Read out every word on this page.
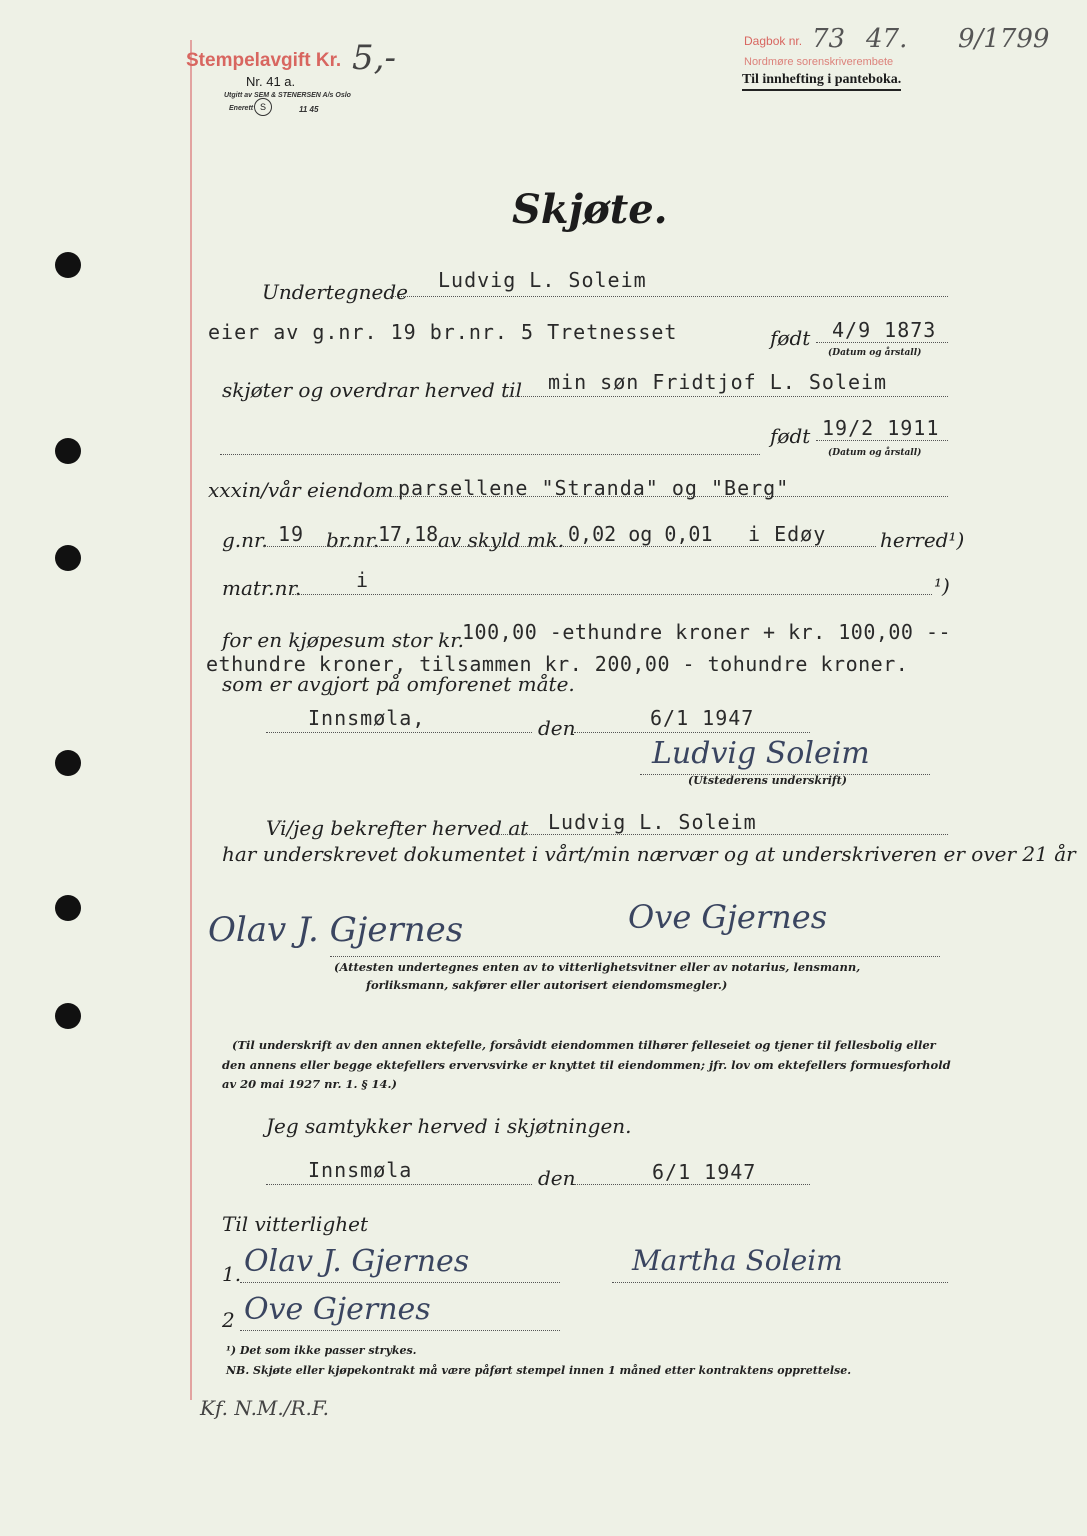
Stempelavgift Kr. 5,-
Nr. 41 a.
Utgitt av SEM & STENERSEN A/s Oslo
Enerett S	11 45
Dagbok nr. 73 47. 9/1799
Nordmøre sorenskriverembete
Til innhefting i panteboka.
Skjøte.
Undertegnede Ludvig L. Soleim
eier av g.nr. 19 br.nr. 5 Tretnesset	født 4/9 1873
(Datum og årstall)
skjøter og overdrar herved til min søn Fridtjof L. Soleim
født 19/2 1911
(Datum og årstall)
xxxin/vår eiendom parsellene "Stranda" og "Berg"
g.nr. 19 br.nr.
17,18 av skyld mk. 0,02 og 0,01 i Edøy	herred¹)
matr.nr.	i	¹)
for en kjøpesum stor kr.
100,00 -ethundre kroner + kr. 100,00 --
ethundre kroner, tilsammen kr. 200,00 - tohundre kroner.
som er avgjort på omforenet måte.
Innsmøla,	den	6/1 1947
Ludvig Soleim
(Utstederens underskrift)
Vi/jeg bekrefter herved at Ludvig L. Soleim
har underskrevet dokumentet i vårt/min nærvær og at underskriveren er over 21 år
Olav J. Gjernes	Ove Gjernes
(Attesten undertegnes enten av to vitterlighetsvitner eller av notarius, lensmann,
forliksmann, sakfører eller autorisert eiendomsmegler.)
(Til underskrift av den annen ektefelle, forsåvidt eiendommen tilhører felleseiet og tjener til fellesbolig eller
den annens eller begge ektefellers ervervsvirke er knyttet til eiendommen; jfr. lov om ektefellers formuesforhold
av 20 mai 1927 nr. 1. § 14.)
Jeg samtykker herved i skjøtningen.
Innsmøla	den	6/1 1947
Til vitterlighet
1. Olav J. Gjernes	Martha Soleim
2 Ove Gjernes
¹) Det som ikke passer strykes.
NB. Skjøte eller kjøpekontrakt må være påført stempel innen 1 måned etter kontraktens opprettelse.
Kf. N.M./R.F.
